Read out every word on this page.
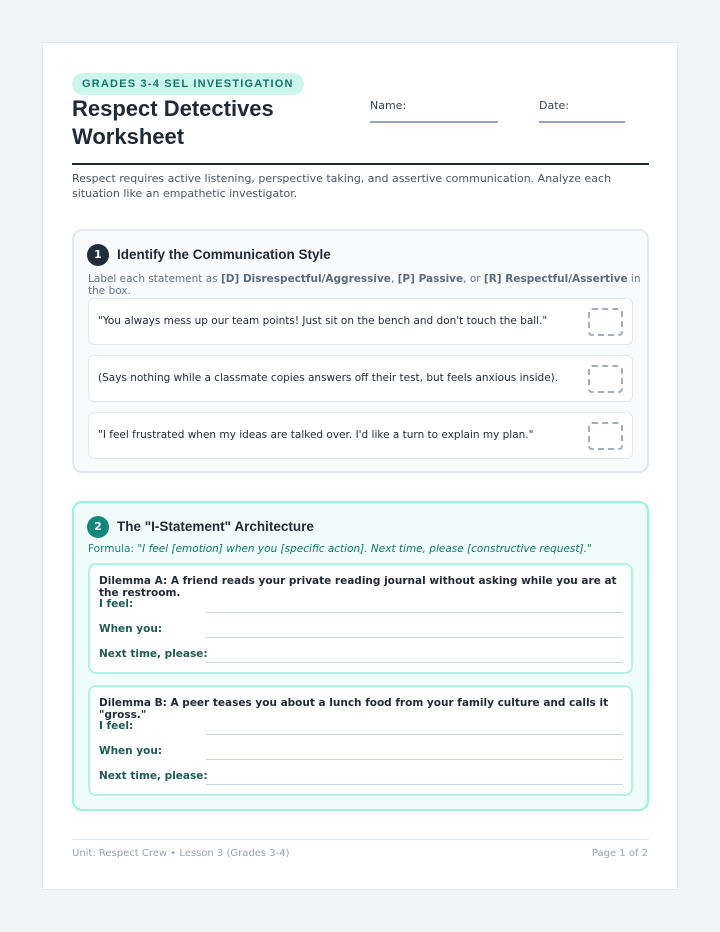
GRADES 3-4 SEL INVESTIGATION
Respect Detectives Worksheet
Name:	Date:
Respect requires active listening, perspective taking, and assertive communication. Analyze each situation like an empathetic investigator.
1	Identify the Communication Style
Label each statement as [D] Disrespectful/Aggressive, [P] Passive, or [R] Respectful/Assertive in the box.
"You always mess up our team points! Just sit on the bench and don't touch the ball."
(Says nothing while a classmate copies answers off their test, but feels anxious inside).
"I feel frustrated when my ideas are talked over. I'd like a turn to explain my plan."
2	The "I-Statement" Architecture
Formula: "I feel [emotion] when you [specific action]. Next time, please [constructive request]."
Dilemma A: A friend reads your private reading journal without asking while you are at the restroom.
I feel:
When you:
Next time, please:
Dilemma B: A peer teases you about a lunch food from your family culture and calls it "gross."
I feel:
When you:
Next time, please:
Unit: Respect Crew • Lesson 3 (Grades 3-4)	Page 1 of 2
